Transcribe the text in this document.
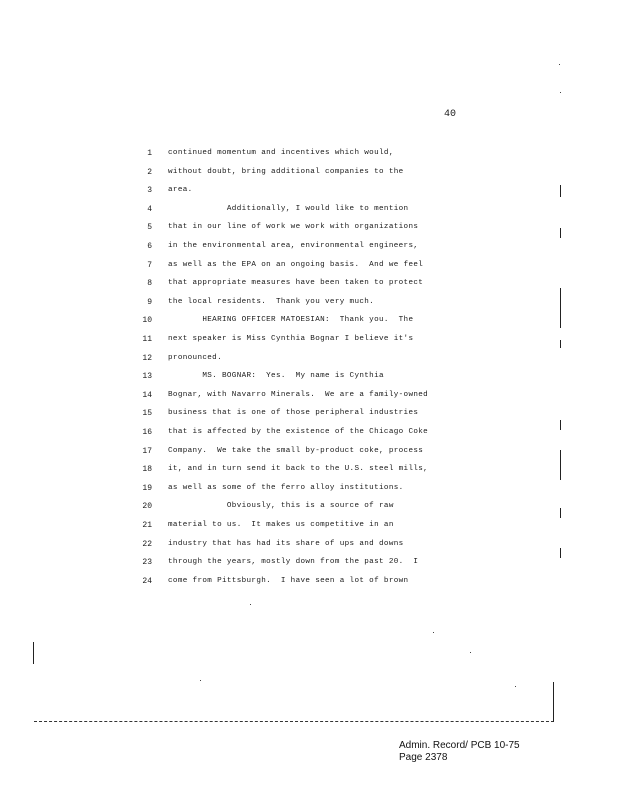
40
1 continued momentum and incentives which would,
2 without doubt, bring additional companies to the
3 area.
4 Additionally, I would like to mention
5 that in our line of work we work with organizations
6 in the environmental area, environmental engineers,
7 as well as the EPA on an ongoing basis.  And we feel
8 that appropriate measures have been taken to protect
9 the local residents.  Thank you very much.
10 HEARING OFFICER MATOESIAN:  Thank you.  The
11 next speaker is Miss Cynthia Bognar I believe it's
12 pronounced.
13 MS. BOGNAR:  Yes.  My name is Cynthia
14 Bognar, with Navarro Minerals.  We are a family-owned
15 business that is one of those peripheral industries
16 that is affected by the existence of the Chicago Coke
17 Company.  We take the small by-product coke, process
18 it, and in turn send it back to the U.S. steel mills,
19 as well as some of the ferro alloy institutions.
20 Obviously, this is a source of raw
21 material to us.  It makes us competitive in an
22 industry that has had its share of ups and downs
23 through the years, mostly down from the past 20.  I
24 come from Pittsburgh.  I have seen a lot of brown
Admin. Record/ PCB 10-75
Page 2378
